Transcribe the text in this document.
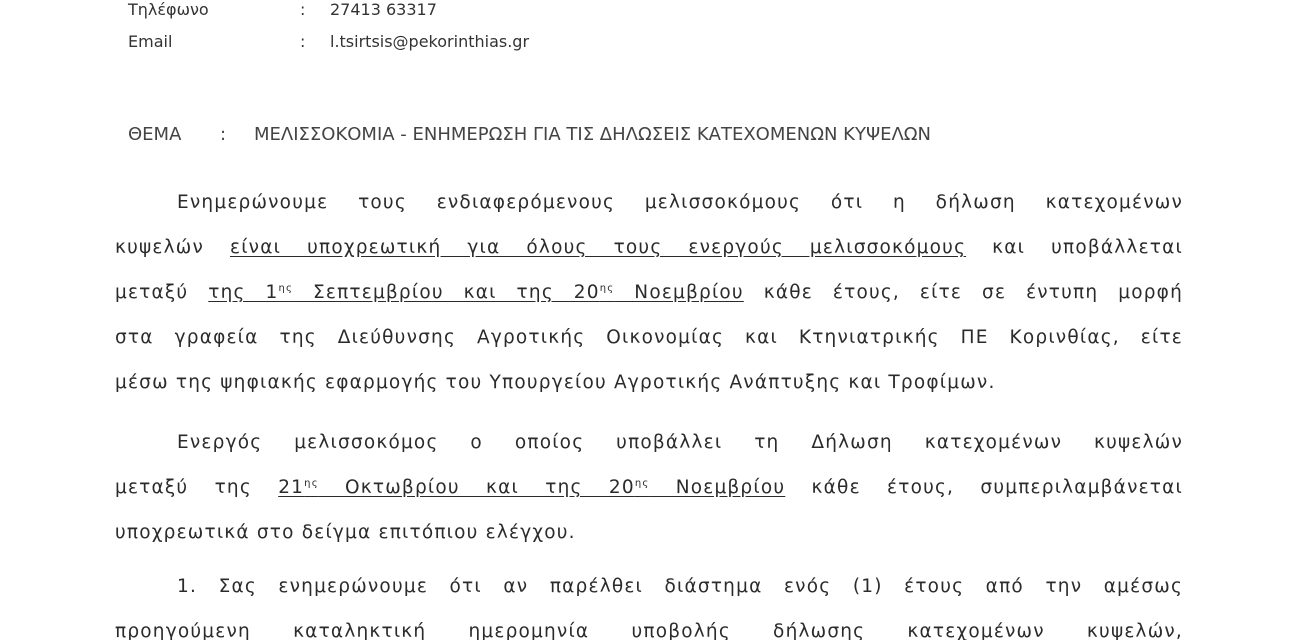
Τηλέφωνο	: 27413 63317
Email	: l.tsirtsis@pekorinthias.gr
ΘΕΜΑ : ΜΕΛΙΣΣΟΚΟΜΙΑ - ΕΝΗΜΕΡΩΣΗ ΓΙΑ ΤΙΣ ΔΗΛΩΣΕΙΣ ΚΑΤΕΧΟΜΕΝΩΝ ΚΥΨΕΛΩΝ
Ενημερώνουμε τους ενδιαφερόμενους μελισσοκόμους ότι η δήλωση κατεχομένων
κυψελών είναι υποχρεωτική για όλους τους ενεργούς μελισσοκόμους και υποβάλλεται
μεταξύ της $1^{\eta\varsigma}$ Σεπτεμβρίου και της $20^{\eta\varsigma}$ Νοεμβρίου κάθε έτους, είτε σε έντυπη μορφή
στα γραφεία της Διεύθυνσης Αγροτικής Οικονομίας και Κτηνιατρικής ΠΕ Κορινθίας, είτε
μέσω της ψηφιακής εφαρμογής του Υπουργείου Αγροτικής Ανάπτυξης και Τροφίμων.
Ενεργός μελισσοκόμος ο οποίος υποβάλλει τη Δήλωση κατεχομένων κυψελών
μεταξύ της $21^{\eta\varsigma}$ Οκτωβρίου και της $20^{\eta\varsigma}$ Νοεμβρίου κάθε έτους, συμπεριλαμβάνεται
υποχρεωτικά στο δείγμα επιτόπιου ελέγχου.
1. Σας ενημερώνουμε ότι αν παρέλθει διάστημα ενός (1) έτους από την αμέσως
προηγούμενη καταληκτική ημερομηνία υποβολής δήλωσης κατεχομένων κυψελών,
